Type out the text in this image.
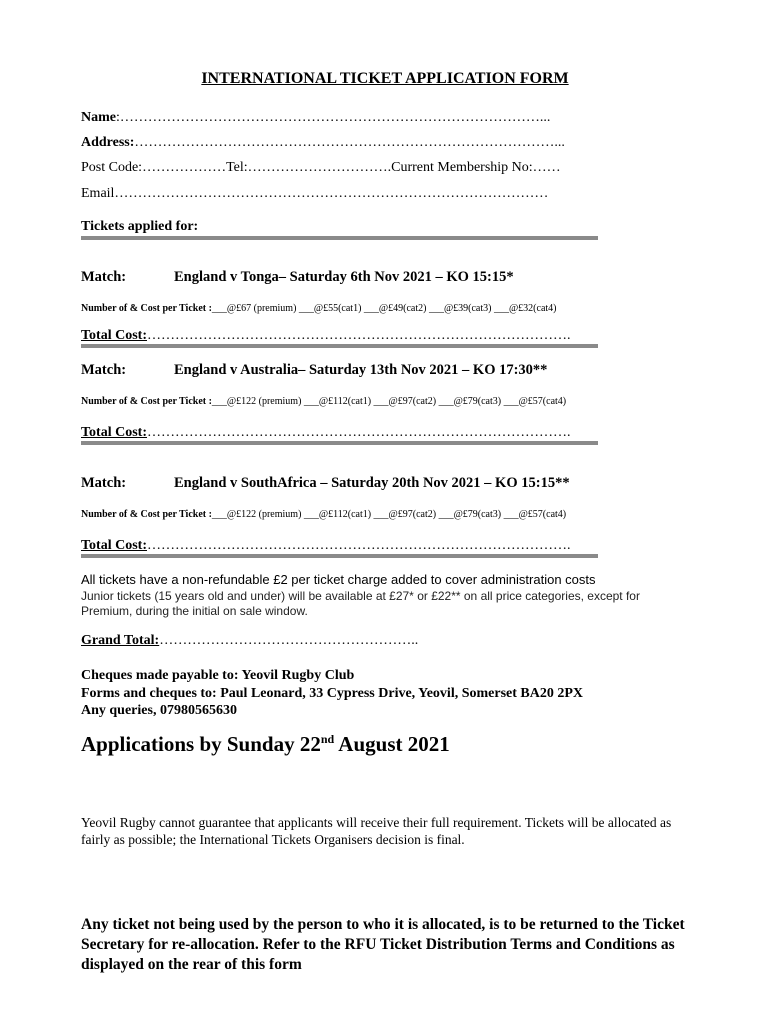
INTERNATIONAL TICKET APPLICATION FORM
Name:………………………………………………………………………………...
Address:………………………………………………………………………………...
Post Code:………………Tel:………………………….Current Membership No:……
Email…………………………………………………………………………………
Tickets applied for:
Match:	England v Tonga– Saturday 6th Nov 2021 – KO 15:15*
Number of & Cost per Ticket :___@£67 (premium) ___@£55(cat1) ___@£49(cat2) ___@£39(cat3) ___@£32(cat4)
Total Cost:……………………………………………………………………………….
Match:	England v Australia– Saturday 13th Nov 2021 – KO 17:30**
Number of & Cost per Ticket :___@£122 (premium) ___@£112(cat1) ___@£97(cat2) ___@£79(cat3) ___@£57(cat4)
Total Cost:……………………………………………………………………………….
Match:	England v SouthAfrica – Saturday 20th Nov 2021 – KO 15:15**
Number of & Cost per Ticket :___@£122 (premium) ___@£112(cat1) ___@£97(cat2) ___@£79(cat3) ___@£57(cat4)
Total Cost:……………………………………………………………………………….
All tickets have a non-refundable £2 per ticket charge added to cover administration costs
Junior tickets (15 years old and under) will be available at £27* or £22** on all price categories, except for Premium, during the initial on sale window.
Grand Total:………………………………………………..
Cheques made payable to: Yeovil Rugby Club
Forms and cheques to: Paul Leonard, 33 Cypress Drive, Yeovil, Somerset BA20 2PX
Any queries, 07980565630
Applications by Sunday 22nd August 2021
Yeovil Rugby cannot guarantee that applicants will receive their full requirement. Tickets will be allocated as fairly as possible; the International Tickets Organisers decision is final.
Any ticket not being used by the person to who it is allocated, is to be returned to the Ticket Secretary for re-allocation. Refer to the RFU Ticket Distribution Terms and Conditions as displayed on the rear of this form
